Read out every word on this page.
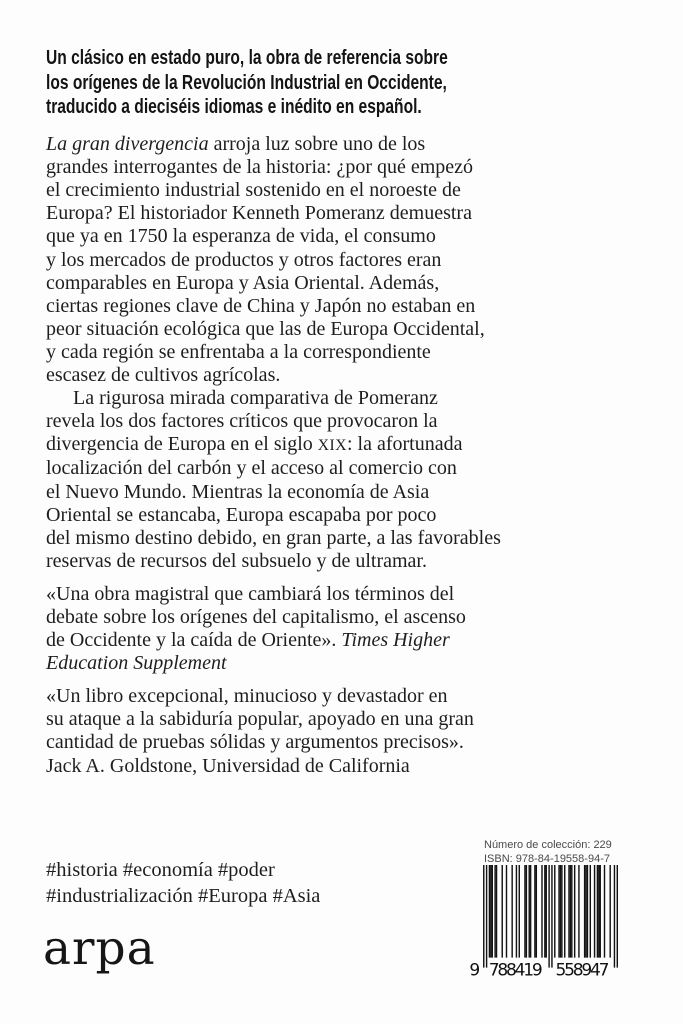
Un clásico en estado puro, la obra de referencia sobre
los orígenes de la Revolución Industrial en Occidente,
traducido a dieciséis idiomas e inédito en español.

La gran divergencia arroja luz sobre uno de los
grandes interrogantes de la historia: ¿por qué empezó
el crecimiento industrial sostenido en el noroeste de
Europa? El historiador Kenneth Pomeranz demuestra
que ya en 1750 la esperanza de vida, el consumo
y los mercados de productos y otros factores eran
comparables en Europa y Asia Oriental. Además,
ciertas regiones clave de China y Japón no estaban en
peor situación ecológica que las de Europa Occidental,
y cada región se enfrentaba a la correspondiente
escasez de cultivos agrícolas.

La rigurosa mirada comparativa de Pomeranz
revela los dos factores críticos que provocaron la
divergencia de Europa en el siglo XIX: la afortunada
localización del carbón y el acceso al comercio con
el Nuevo Mundo. Mientras la economía de Asia
Oriental se estancaba, Europa escapaba por poco
del mismo destino debido, en gran parte, a las favorables
reservas de recursos del subsuelo y de ultramar.

«Una obra magistral que cambiará los términos del
debate sobre los orígenes del capitalismo, el ascenso
de Occidente y la caída de Oriente». Times Higher
Education Supplement

«Un libro excepcional, minucioso y devastador en
su ataque a la sabiduría popular, apoyado en una gran
cantidad de pruebas sólidas y argumentos precisos».
Jack A. Goldstone, Universidad de California

#historia #economía #poder
#industrialización #Europa #Asia
arpa
Número de colección: 229
ISBN: 978-84-19558-94-7
9 788419 558947
